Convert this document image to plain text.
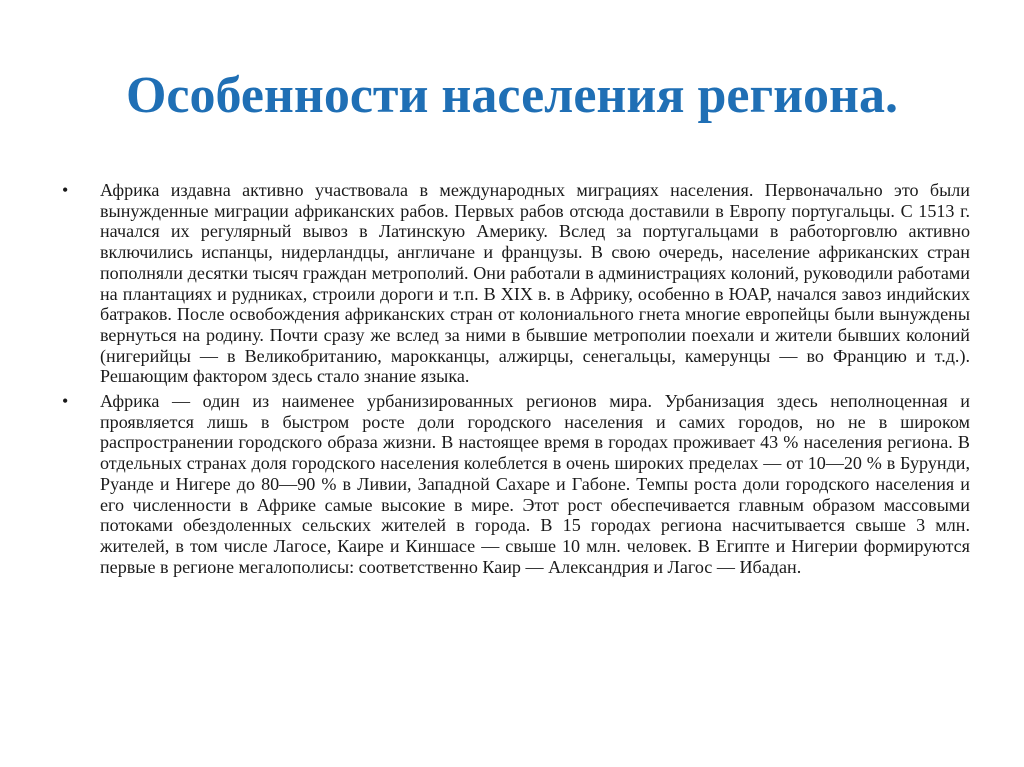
Особенности населения региона.
• Африка издавна активно участвовала в международных миграциях населения. Первоначально это были вынужденные миграции африканских рабов. Первых рабов отсюда доставили в Европу португальцы. С 1513 г. начался их регулярный вывоз в Латинскую Америку. Вслед за португальцами в работорговлю активно включились испанцы, нидерландцы, англичане и французы. В свою очередь, население африканских стран пополняли десятки тысяч граждан метрополий. Они работали в администрациях колоний, руководили работами на плантациях и рудниках, строили дороги и т.п. В XIX в. в Африку, особенно в ЮАР, начался завоз индийских батраков. После освобождения африканских стран от колониального гнета многие европейцы были вынуждены вернуться на родину. Почти сразу же вслед за ними в бывшие метрополии поехали и жители бывших колоний (нигерийцы — в Великобританию, марокканцы, алжирцы, сенегальцы, камерунцы — во Францию и т.д.). Решающим фактором здесь стало знание языка.
• Африка — один из наименее урбанизированных регионов мира. Урбанизация здесь неполноценная и проявляется лишь в быстром росте доли городского населения и самих городов, но не в широком распространении городского образа жизни. В настоящее время в городах проживает 43 % населения региона. В отдельных странах доля городского населения колеблется в очень широких пределах — от 10—20 % в Бурунди, Руанде и Нигере до 80—90 % в Ливии, Западной Сахаре и Габоне. Темпы роста доли городского населения и его численности в Африке самые высокие в мире. Этот рост обеспечивается главным образом массовыми потоками обездоленных сельских жителей в города. В 15 городах региона насчитывается свыше 3 млн. жителей, в том числе Лагосе, Каире и Киншасе — свыше 10 млн. человек. В Египте и Нигерии формируются первые в регионе мегалополисы: соответственно Каир — Александрия и Лагос — Ибадан.
